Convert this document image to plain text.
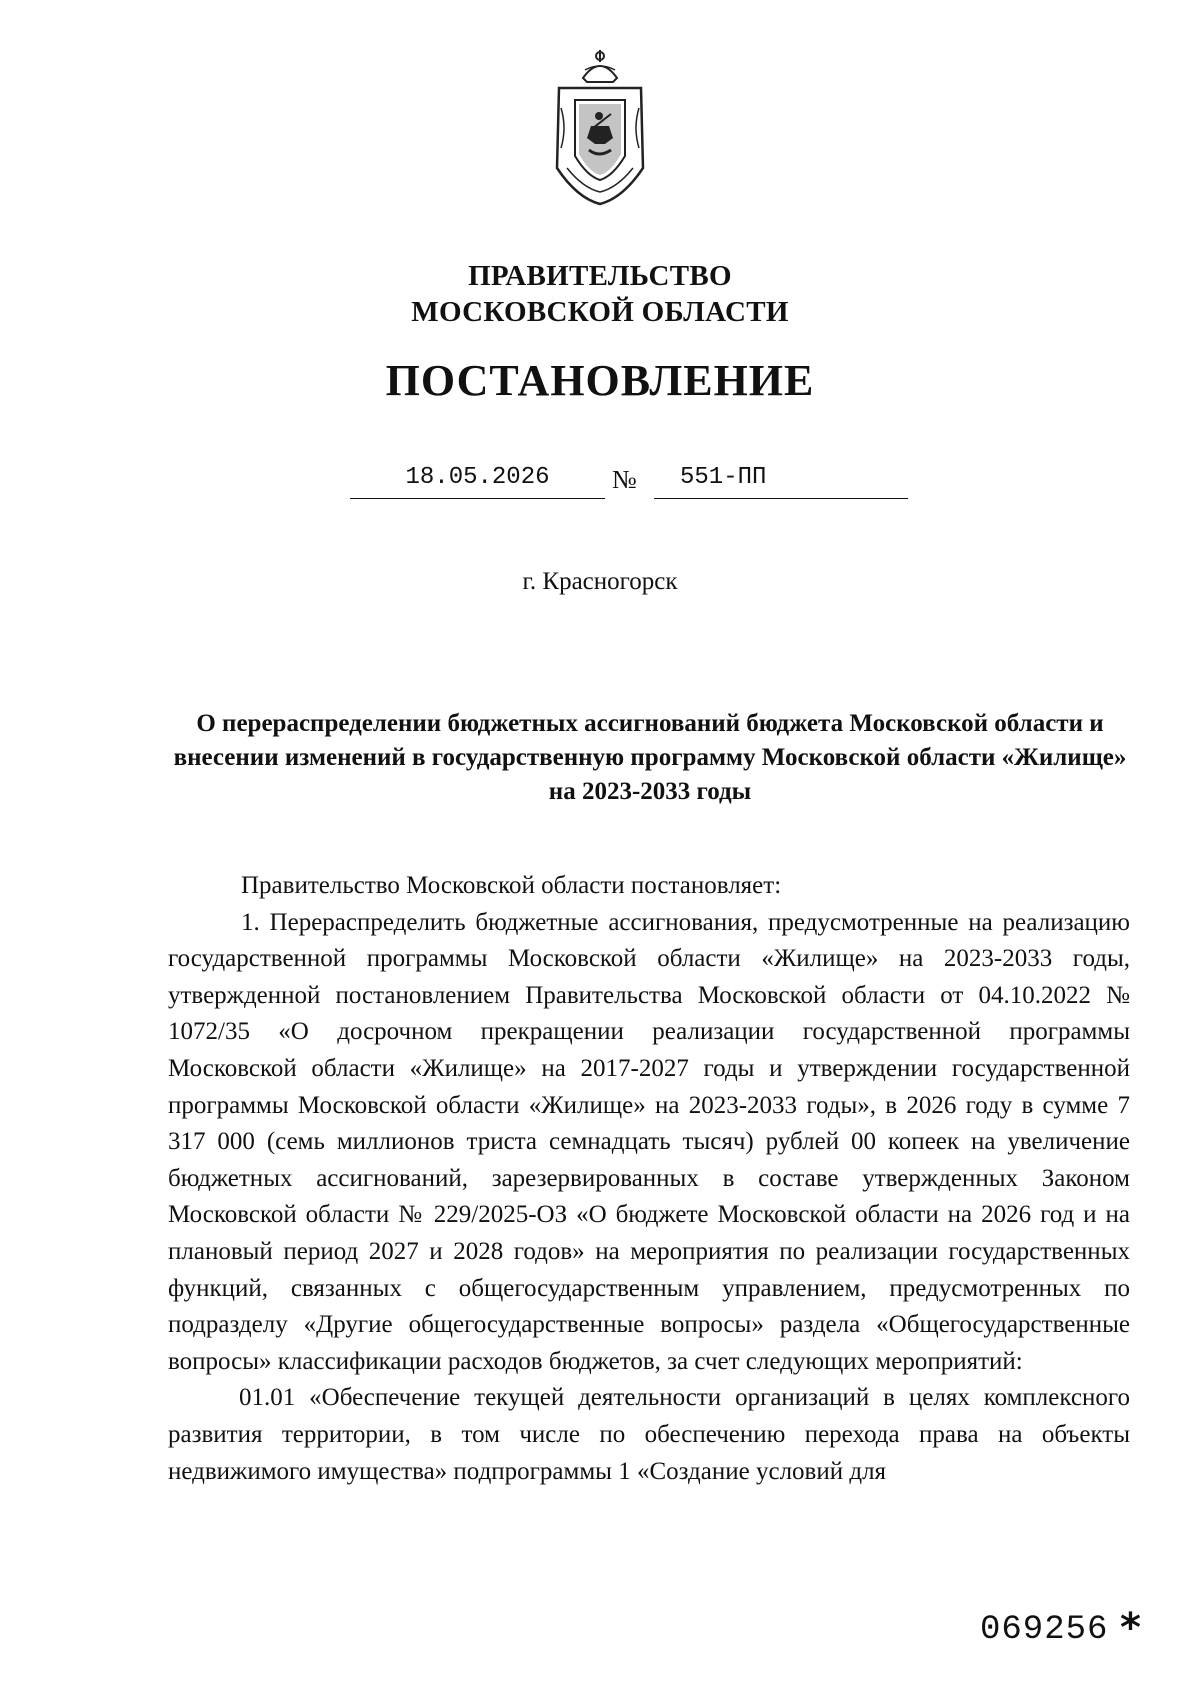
ПРАВИТЕЛЬСТВО
МОСКОВСКОЙ ОБЛАСТИ
ПОСТАНОВЛЕНИЕ
18.05.2026	№	551-ПП
г. Красногорск
О перераспределении бюджетных ассигнований бюджета Московской области и внесении изменений в государственную программу Московской области «Жилище» на 2023-2033 годы

Правительство Московской области постановляет:

1. Перераспределить бюджетные ассигнования, предусмотренные на реализацию государственной программы Московской области «Жилище» на 2023-2033 годы, утвержденной постановлением Правительства Московской области от 04.10.2022 № 1072/35 «О досрочном прекращении реализации государственной программы Московской области «Жилище» на 2017-2027 годы и утверждении государственной программы Московской области «Жилище» на 2023-2033 годы», в 2026 году в сумме 7 317 000 (семь миллионов триста семнадцать тысяч) рублей 00 копеек на увеличение бюджетных ассигнований, зарезервированных в составе утвержденных Законом Московской области № 229/2025-ОЗ «О бюджете Московской области на 2026 год и на плановый период 2027 и 2028 годов» на мероприятия по реализации государственных функций, связанных с общегосударственным управлением, предусмотренных по подразделу «Другие общегосударственные вопросы» раздела «Общегосударственные вопросы» классификации расходов бюджетов, за счет следующих мероприятий:

01.01 «Обеспечение текущей деятельности организаций в целях комплексного развития территории, в том числе по обеспечению перехода права на объекты недвижимого имущества» подпрограммы 1 «Создание условий для

069256 *
